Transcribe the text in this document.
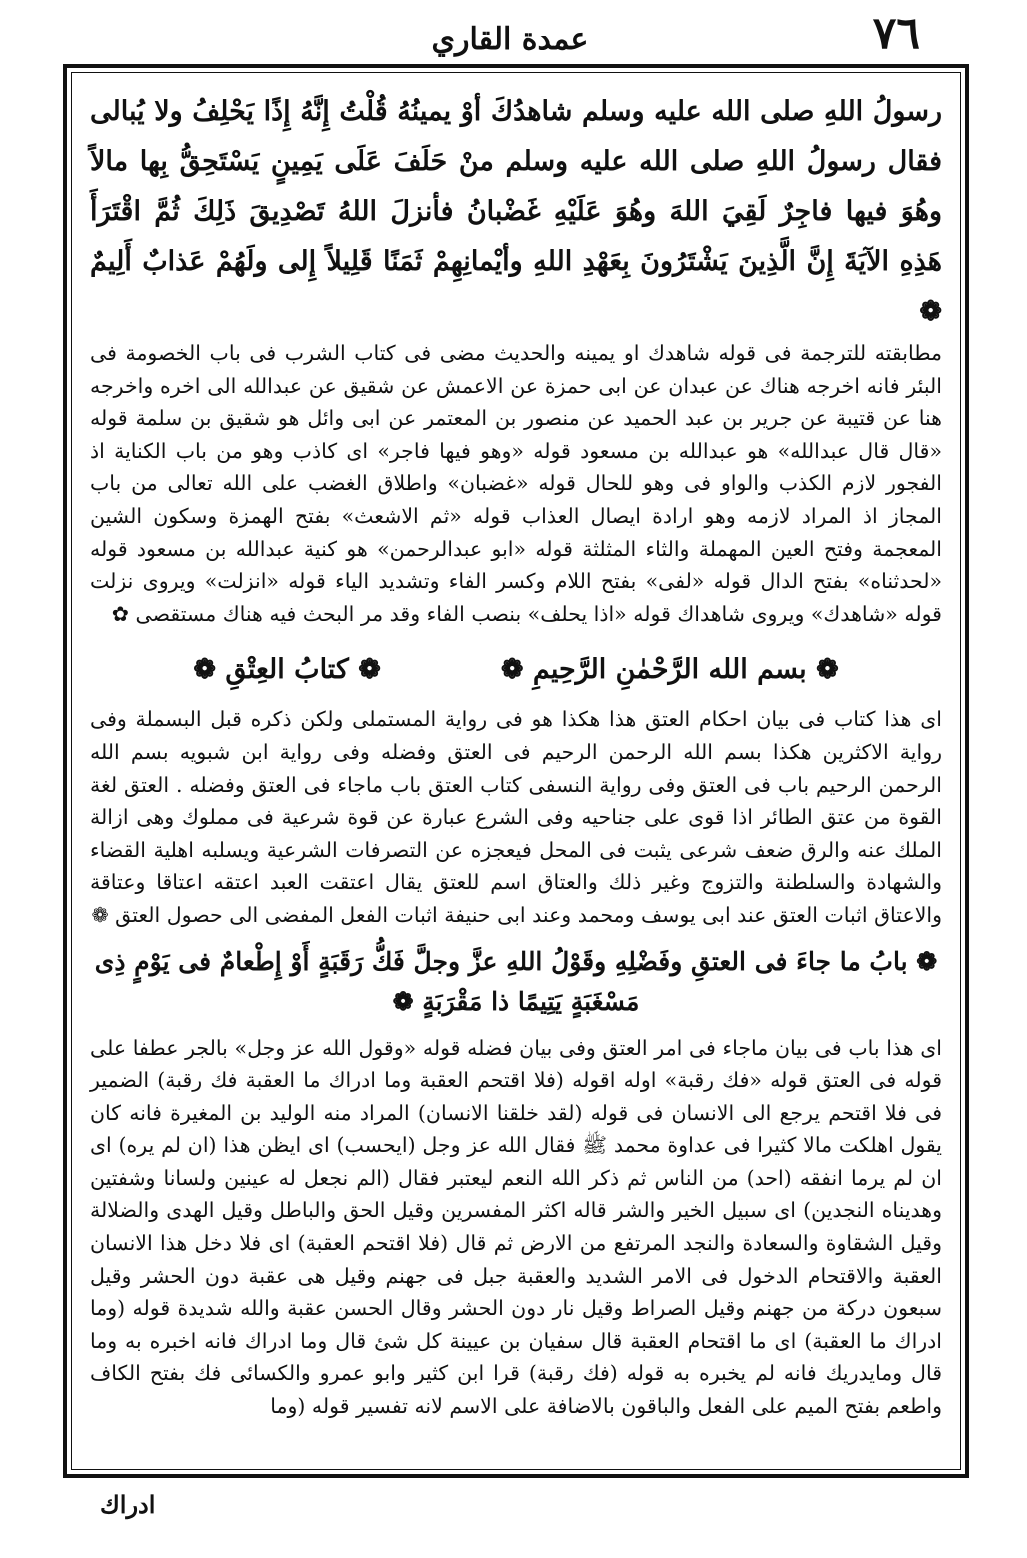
٧٦
عمدة القاري

رسولُ اللهِ صلى الله عليه وسلم شاهدُكَ أوْ يمينُهُ قُلْتُ إِنَّهُ إِذًا يَحْلِفُ ولا يُبالى فقال رسولُ اللهِ صلى الله عليه وسلم منْ حَلَفَ عَلَى يَمِينٍ يَسْتَحِقُّ بِها مالاً وهُوَ فيها فاجِرٌ لَقِيَ اللهَ وهُوَ عَلَيْهِ غَضْبانُ فأنزلَ اللهُ تَصْدِيقَ ذَلِكَ ثُمَّ اقْتَرَأَ هَذِهِ الآيَةَ إِنَّ الَّذِينَ يَشْتَرُونَ بِعَهْدِ اللهِ وأيْمانِهِمْ ثَمَنًا قَلِيلاً إِلى ولَهُمْ عَذابٌ أَلِيمٌ ❁

مطابقته للترجمة فى قوله شاهدك او يمينه والحديث مضى فى كتاب الشرب فى باب الخصومة فى البئر فانه اخرجه هناك عن عبدان عن ابى حمزة عن الاعمش عن شقيق عن عبدالله الى اخره واخرجه هنا عن قتيبة عن جرير بن عبد الحميد عن منصور بن المعتمر عن ابى وائل هو شقيق بن سلمة قوله «قال قال عبدالله» هو عبدالله بن مسعود قوله «وهو فيها فاجر» اى كاذب وهو من باب الكناية اذ الفجور لازم الكذب والواو فى وهو للحال قوله «غضبان» واطلاق الغضب على الله تعالى من باب المجاز اذ المراد لازمه وهو ارادة ايصال العذاب قوله «ثم الاشعث» بفتح الهمزة وسكون الشين المعجمة وفتح العين المهملة والثاء المثلثة قوله «ابو عبدالرحمن» هو كنية عبدالله بن مسعود قوله «لحدثناه» بفتح الدال قوله «لفى» بفتح اللام وكسر الفاء وتشديد الياء قوله «انزلت» ويروى نزلت قوله «شاهدك» ويروى شاهداك قوله «اذا يحلف» بنصب الفاء وقد مر البحث فيه هناك مستقصى ✿

❁ بسم الله الرَّحْمٰنِ الرَّحِيمِ ❁
❁ كتابُ العِتْقِ ❁

اى هذا كتاب فى بيان احكام العتق هذا هكذا هو فى رواية المستملى ولكن ذكره قبل البسملة وفى رواية الاكثرين هكذا بسم الله الرحمن الرحيم فى العتق وفضله وفى رواية ابن شبويه بسم الله الرحمن الرحيم باب فى العتق وفى رواية النسفى كتاب العتق باب ماجاء فى العتق وفضله . العتق لغة القوة من عتق الطائر اذا قوى على جناحيه وفى الشرع عبارة عن قوة شرعية فى مملوك وهى ازالة الملك عنه والرق ضعف شرعى يثبت فى المحل فيعجزه عن التصرفات الشرعية ويسلبه اهلية القضاء والشهادة والسلطنة والتزوج وغير ذلك والعتاق اسم للعتق يقال اعتقت العبد اعتقه اعتاقا وعتاقة والاعتاق اثبات العتق عند ابى يوسف ومحمد وعند ابى حنيفة اثبات الفعل المفضى الى حصول العتق ❁

❁ بابُ ما جاءَ فى العتقِ وفَضْلِهِ وقَوْلُ اللهِ عزَّ وجلَّ فَكُّ رَقَبَةٍ أَوْ إِطْعامٌ فى يَوْمٍ ذِى مَسْغَبَةٍ يَتِيمًا ذا مَقْرَبَةٍ ❁

اى هذا باب فى بيان ماجاء فى امر العتق وفى بيان فضله قوله «وقول الله عز وجل» بالجر عطفا على قوله فى العتق قوله «فك رقبة» اوله اقوله (فلا اقتحم العقبة وما ادراك ما العقبة فك رقبة) الضمير فى فلا اقتحم يرجع الى الانسان فى قوله (لقد خلقنا الانسان) المراد منه الوليد بن المغيرة فانه كان يقول اهلكت مالا كثيرا فى عداوة محمد ﷺ فقال الله عز وجل (ايحسب) اى ايظن هذا (ان لم يره) اى ان لم يرما انفقه (احد) من الناس ثم ذكر الله النعم ليعتبر فقال (الم نجعل له عينين ولسانا وشفتين وهديناه النجدين) اى سبيل الخير والشر قاله اكثر المفسرين وقيل الحق والباطل وقيل الهدى والضلالة وقيل الشقاوة والسعادة والنجد المرتفع من الارض ثم قال (فلا اقتحم العقبة) اى فلا دخل هذا الانسان العقبة والاقتحام الدخول فى الامر الشديد والعقبة جبل فى جهنم وقيل هى عقبة دون الحشر وقيل سبعون دركة من جهنم وقيل الصراط وقيل نار دون الحشر وقال الحسن عقبة والله شديدة قوله (وما ادراك ما العقبة) اى ما اقتحام العقبة قال سفيان بن عيينة كل شئ قال وما ادراك فانه اخبره به وما قال ومايدريك فانه لم يخبره به قوله (فك رقبة) قرا ابن كثير وابو عمرو والكسائى فك بفتح الكاف واطعم بفتح الميم على الفعل والباقون بالاضافة على الاسم لانه تفسير قوله (وما

ادراك
